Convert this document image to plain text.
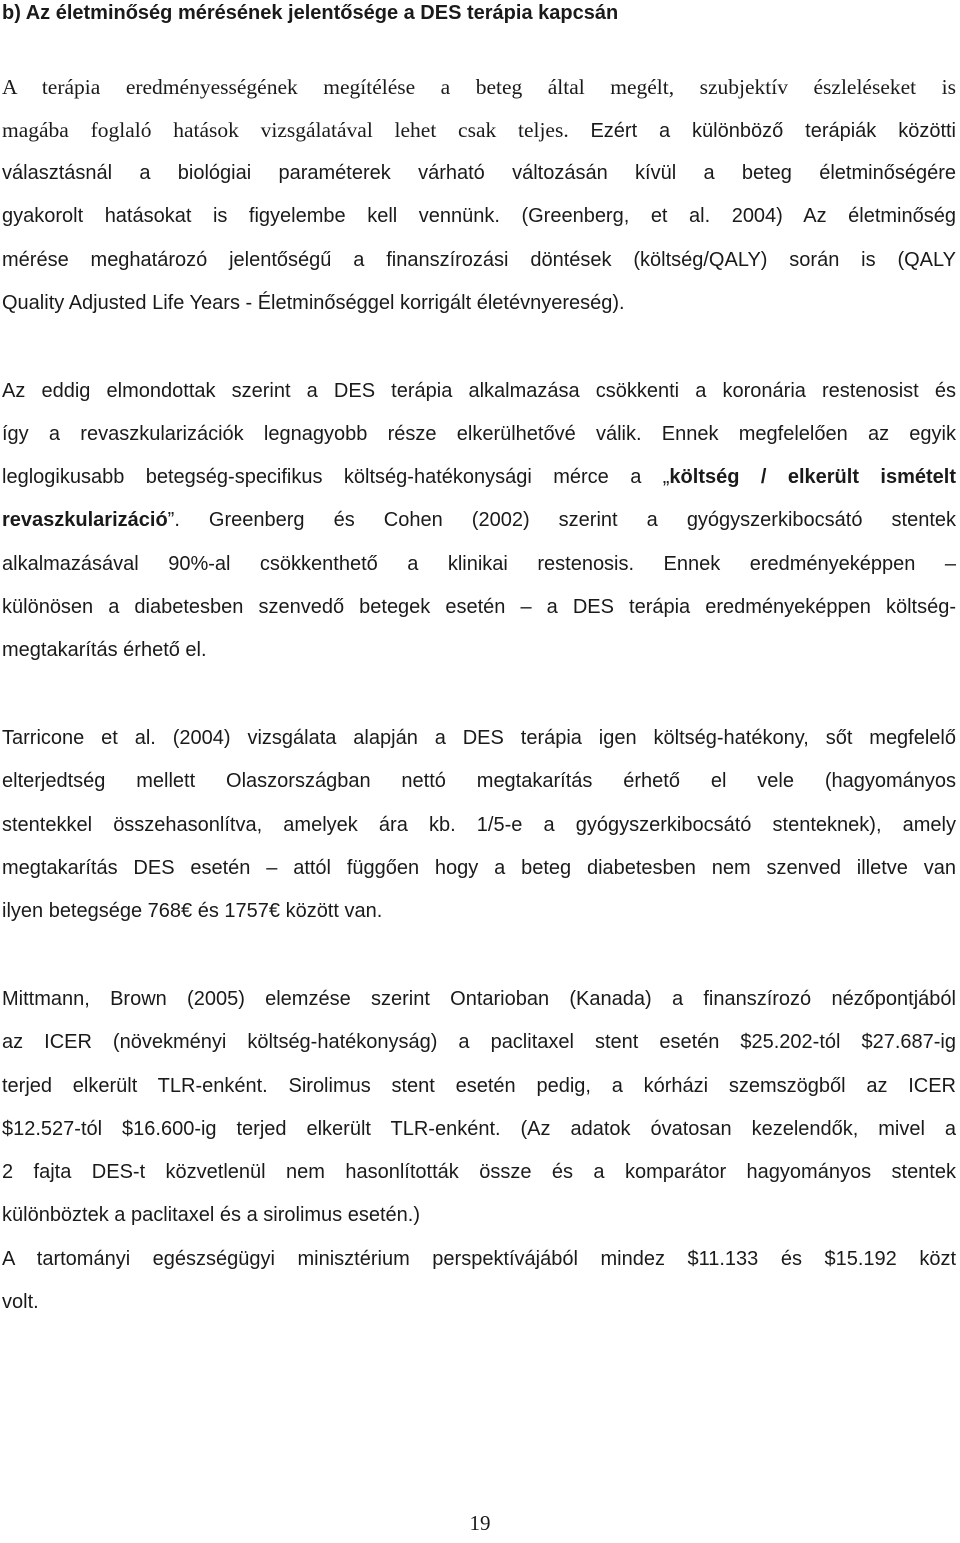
b) Az életminőség mérésének jelentősége a DES terápia kapcsán

A terápia eredményességének megítélése a beteg által megélt, szubjektív észleléseket is

magába foglaló hatások vizsgálatával lehet csak teljes. Ezért a különböző terápiák közötti

választásnál a biológiai paraméterek várható változásán kívül a beteg életminőségére

gyakorolt hatásokat is figyelembe kell vennünk. (Greenberg, et al. 2004) Az életminőség

mérése meghatározó jelentőségű a finanszírozási döntések (költség/QALY) során is (QALY

Quality Adjusted Life Years - Életminőséggel korrigált életévnyereség).

Az eddig elmondottak szerint a DES terápia alkalmazása csökkenti a koronária restenosist és

így a revaszkularizációk legnagyobb része elkerülhetővé válik. Ennek megfelelően az egyik

leglogikusabb betegség-specifikus költség-hatékonysági mérce a „költség / elkerült ismételt

revaszkularizáció”. Greenberg és Cohen (2002) szerint a gyógyszerkibocsátó stentek

alkalmazásával 90%-al csökkenthető a klinikai restenosis. Ennek eredményeképpen –

különösen a diabetesben szenvedő betegek esetén – a DES terápia eredményeképpen költség-

megtakarítás érhető el.

Tarricone et al. (2004) vizsgálata alapján a DES terápia igen költség-hatékony, sőt megfelelő

elterjedtség mellett Olaszországban nettó megtakarítás érhető el vele (hagyományos

stentekkel összehasonlítva, amelyek ára kb. 1/5-e a gyógyszerkibocsátó stenteknek), amely

megtakarítás DES esetén – attól függően hogy a beteg diabetesben nem szenved illetve van

ilyen betegsége 768€ és 1757€ között van.

Mittmann, Brown (2005) elemzése szerint Ontarioban (Kanada) a finanszírozó nézőpontjából

az ICER (növekményi költség-hatékonyság) a paclitaxel stent esetén $25.202-tól $27.687-ig

terjed elkerült TLR-enként. Sirolimus stent esetén pedig, a kórházi szemszögből az ICER

$12.527-tól $16.600-ig terjed elkerült TLR-enként. (Az adatok óvatosan kezelendők, mivel a

2 fajta DES-t közvetlenül nem hasonlították össze és a komparátor hagyományos stentek

különböztek a paclitaxel és a sirolimus esetén.)

A tartományi egészségügyi minisztérium perspektívájából mindez $11.133 és $15.192 közt

volt.

19
